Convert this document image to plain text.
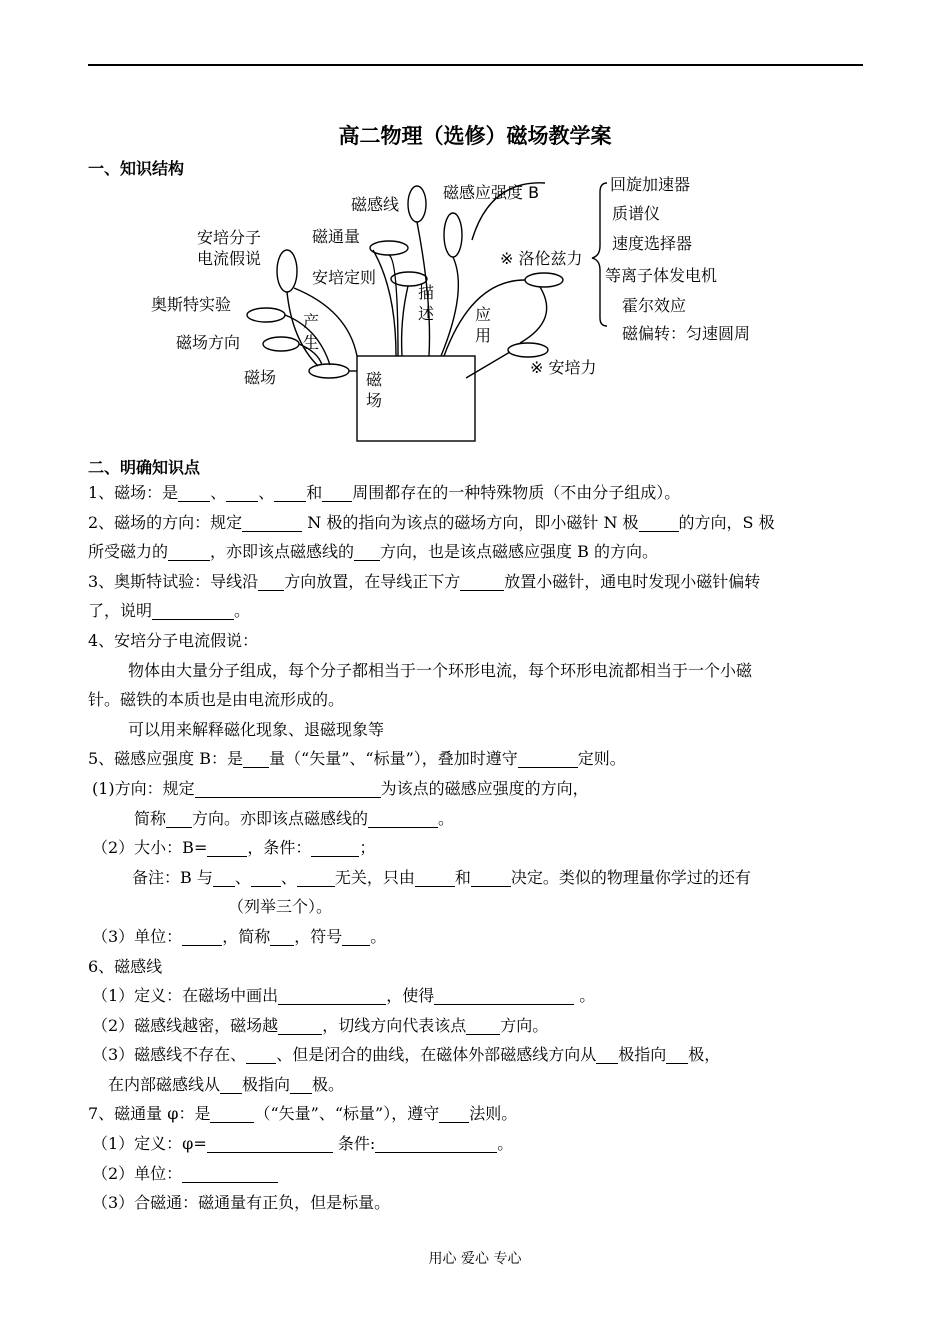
高二物理（选修）磁场教学案
一、知识结构
磁感线
磁感应强度 B
磁通量
安培定则
安培分子
电流假说
奥斯特实验
磁场方向
磁场
产
生
描
述	应
用
磁场
※ 洛伦兹力
※ 安培力
回旋加速器
质谱仪
速度选择器
等离子体发电机
霍尔效应
磁偏转：匀速圆周
二、明确知识点
1、磁场：是 、 、 和 周围都存在的一种特殊物质（不由分子组成）。
2、磁场的方向：规定	N 极的指向为该点的磁场方向，即小磁针 N 极	的方向，S 极
所受磁力的	，亦即该点磁感线的 方向，也是该点磁感应强度 B 的方向。
3、奥斯特试验：导线沿 方向放置，在导线正下方	放置小磁针，通电时发现小磁针偏转
了，说明	。
4、安培分子电流假说：
物体由大量分子组成，每个分子都相当于一个环形电流，每个环形电流都相当于一个小磁
针。磁铁的本质也是由电流形成的。
可以用来解释磁化现象、退磁现象等
5、磁感应强度 B：是 量（“矢量”、“标量”），叠加时遵守	定则。
(1)方向：规定	为该点的磁感应强度的方向，
简称 方向。亦即该点磁感线的	。
（2）大小：B=	，条件：	；
备注：B 与 、 、 无关，只由	和	决定。类似的物理量你学过的还有
（列举三个）。
（3）单位：	，简称 ，符号 。
6、磁感线
（1）定义：在磁场中画出	，使得	。
（2）磁感线越密，磁场越	，切线方向代表该点 方向。
（3）磁感线不存在、 、但是闭合的曲线，在磁体外部磁感线方向从 极指向 极，
在内部磁感线从 极指向 极。
7、磁通量 φ：是	（“矢量”、“标量”），遵守 法则。
（1）定义：φ=	条件:	。
（2）单位：
（3）合磁通：磁通量有正负，但是标量。
用心 爱心 专心
